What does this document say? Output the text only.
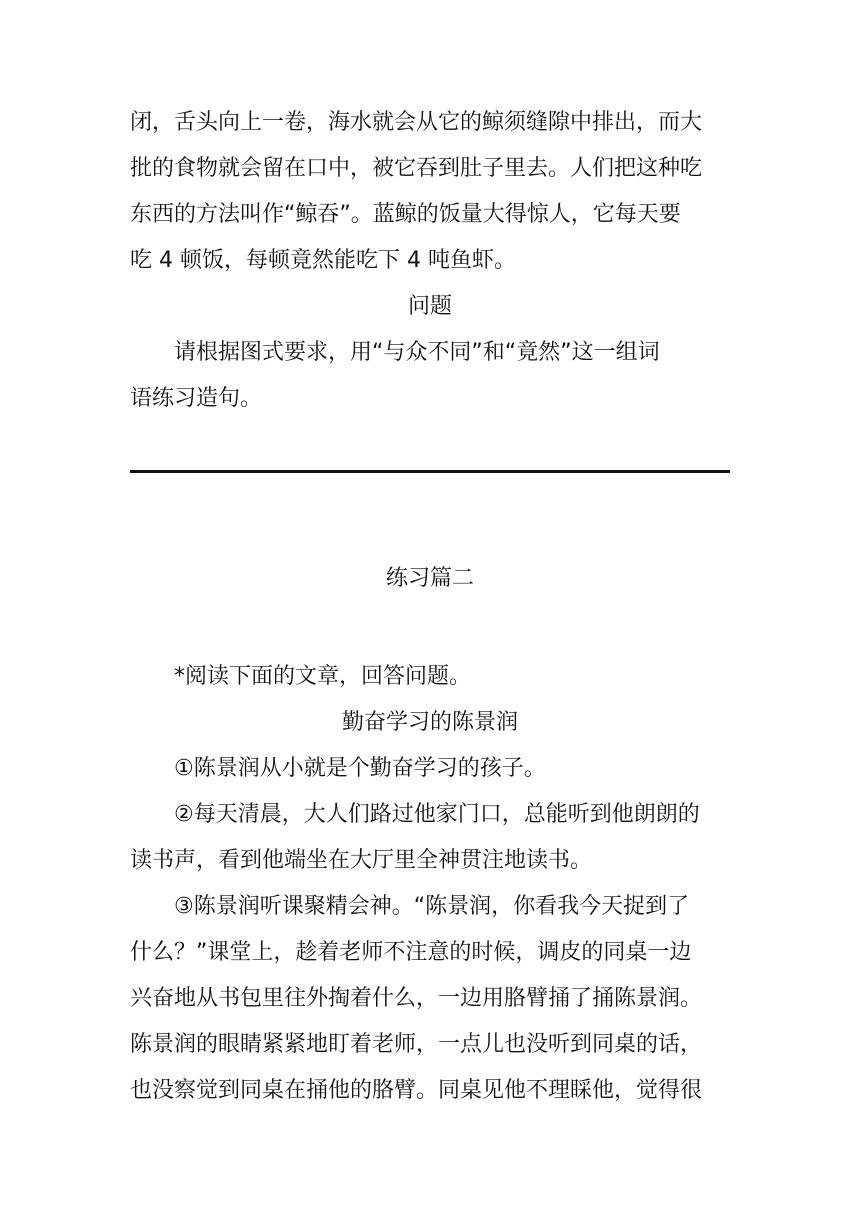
闭，舌头向上一卷，海水就会从它的鲸须缝隙中排出，而大
批的食物就会留在口中，被它吞到肚子里去。人们把这种吃
东西的方法叫作“鲸吞”。蓝鲸的饭量大得惊人，它每天要
吃 4 顿饭，每顿竟然能吃下 4 吨鱼虾。

问题

请根据图式要求，用“与众不同”和“竟然”这一组词
语练习造句。

练习篇二

*阅读下面的文章，回答问题。

勤奋学习的陈景润

①陈景润从小就是个勤奋学习的孩子。

②每天清晨，大人们路过他家门口，总能听到他朗朗的
读书声，看到他端坐在大厅里全神贯注地读书。

③陈景润听课聚精会神。“陈景润，你看我今天捉到了
什么？”课堂上，趁着老师不注意的时候，调皮的同桌一边
兴奋地从书包里往外掏着什么，一边用胳臂捅了捅陈景润。
陈景润的眼睛紧紧地盯着老师，一点儿也没听到同桌的话，
也没察觉到同桌在捅他的胳臂。同桌见他不理睬他，觉得很
